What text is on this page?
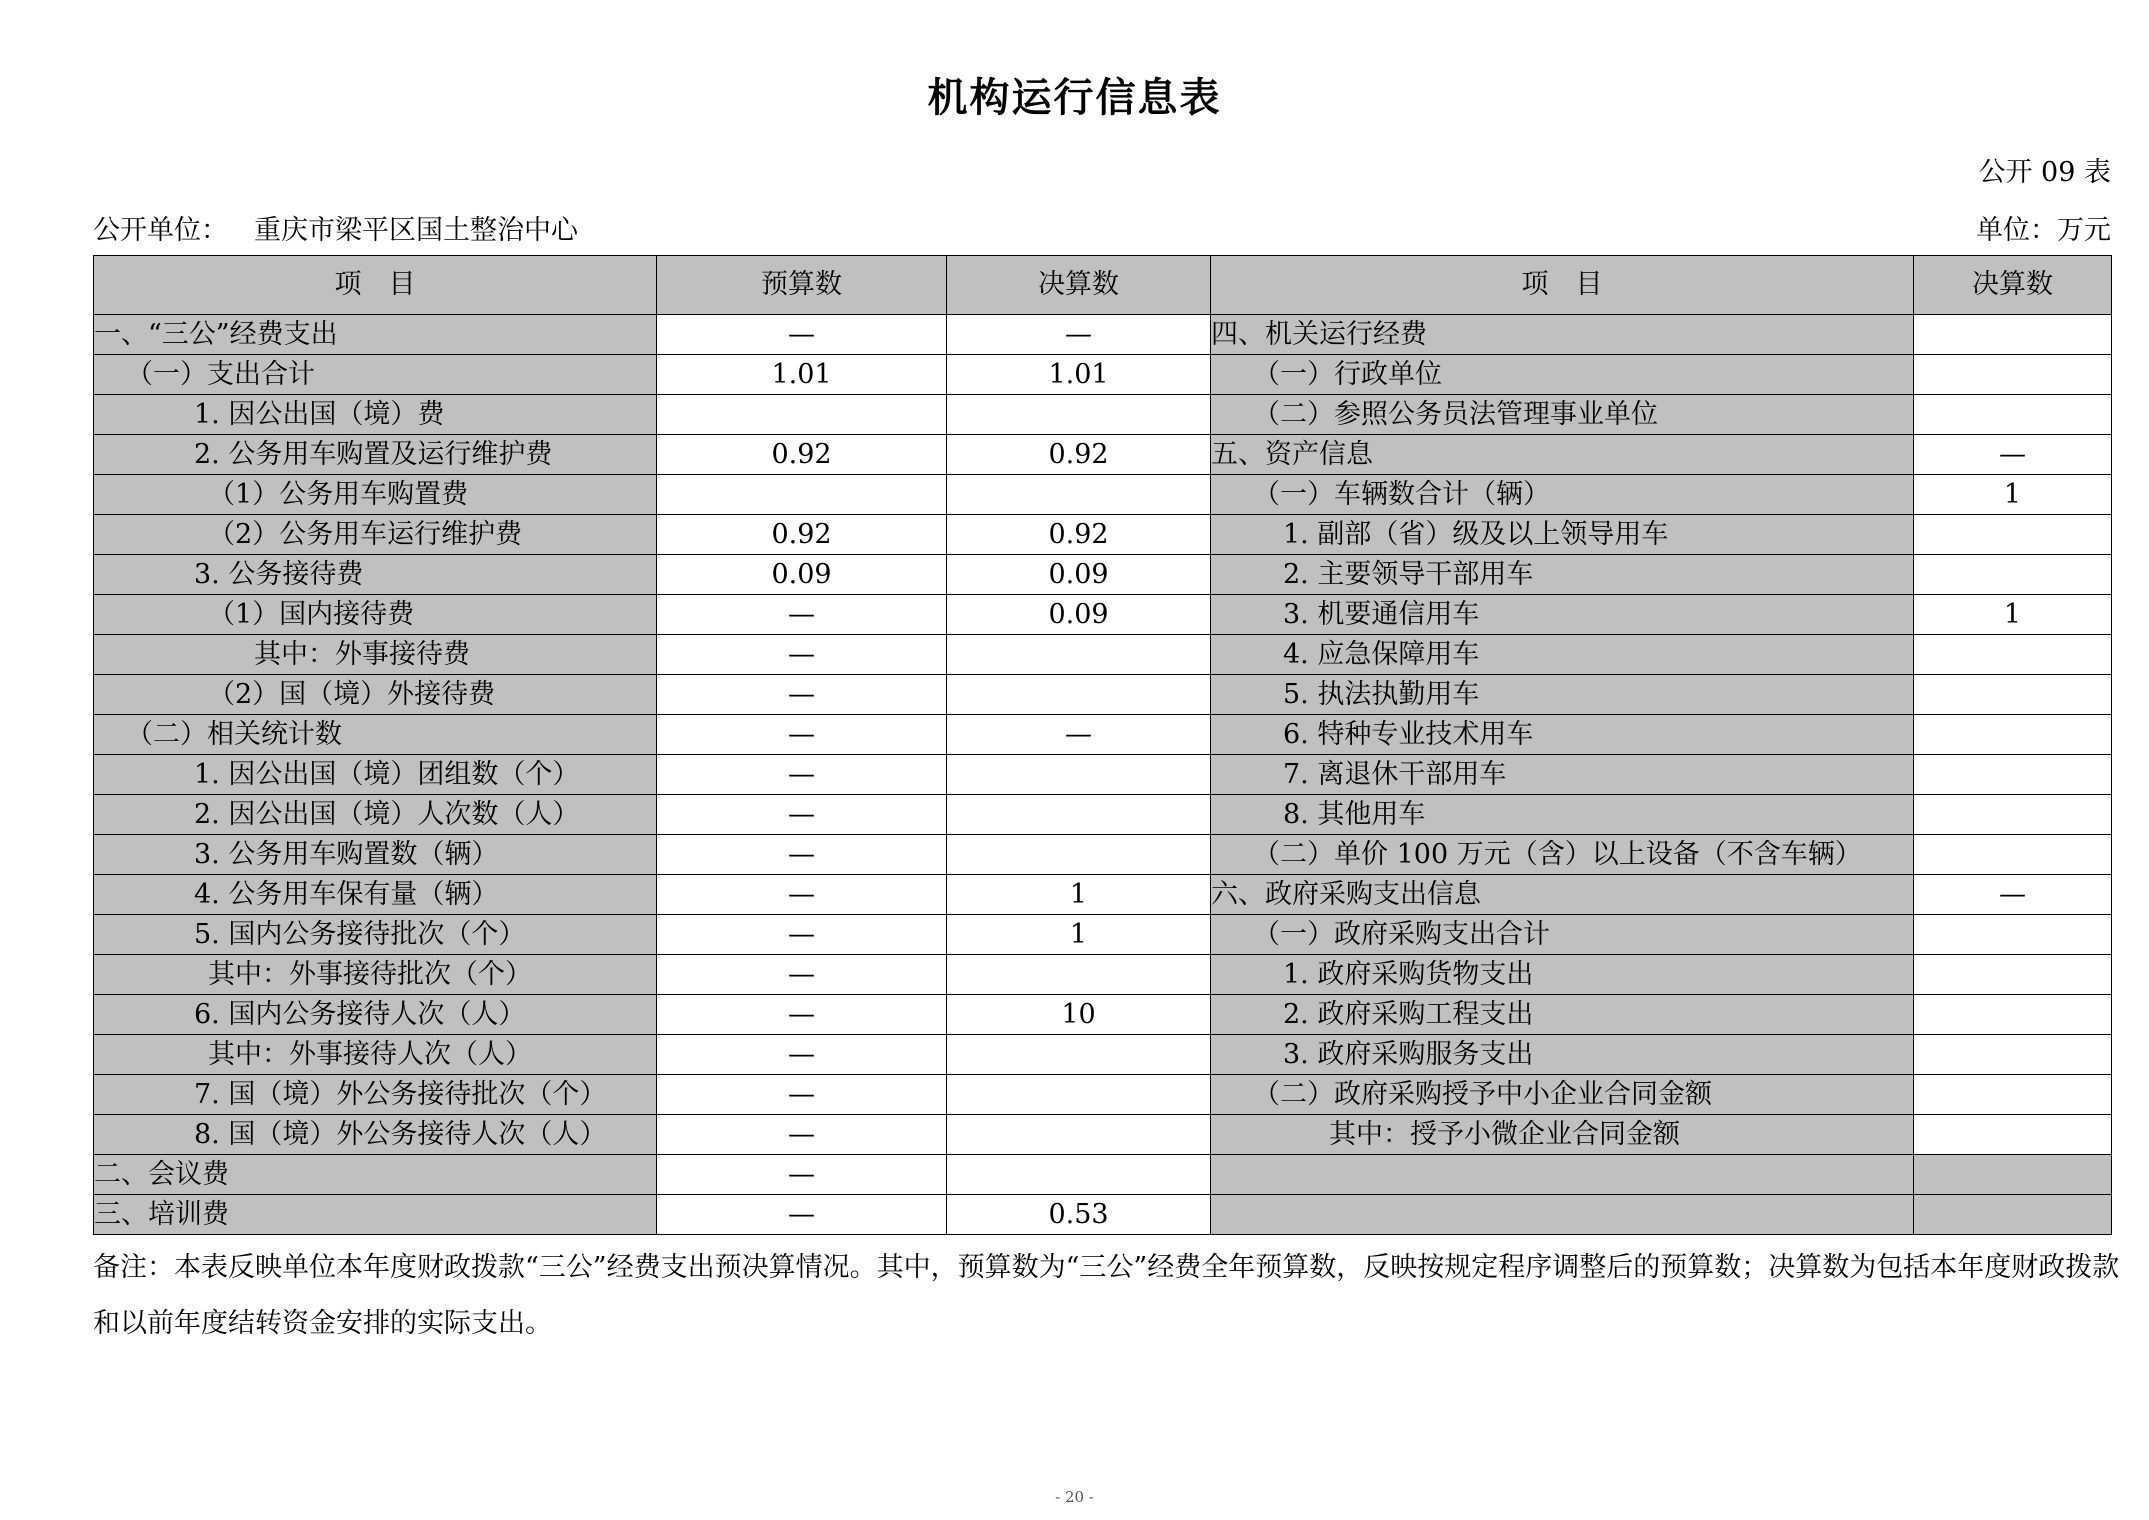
机构运行信息表
公开 09 表
公开单位： 重庆市梁平区国土整治中心	单位：万元
项　目	预算数	决算数	项　目	决算数
一、“三公”经费支出	—	—	四、机关运行经费	
（一）支出合计	1.01	1.01	（一）行政单位	
1. 因公出国（境）费			（二）参照公务员法管理事业单位	
2. 公务用车购置及运行维护费	0.92	0.92	五、资产信息	—
（1）公务用车购置费			（一）车辆数合计（辆）	1
（2）公务用车运行维护费	0.92	0.92	1. 副部（省）级及以上领导用车	
3. 公务接待费	0.09	0.09	2. 主要领导干部用车	
（1）国内接待费	—	0.09	3. 机要通信用车	1
其中：外事接待费	—		4. 应急保障用车	
（2）国（境）外接待费	—		5. 执法执勤用车	
（二）相关统计数	—	—	6. 特种专业技术用车	
1. 因公出国（境）团组数（个）	—		7. 离退休干部用车	
2. 因公出国（境）人次数（人）	—		8. 其他用车	
3. 公务用车购置数（辆）	—		（二）单价 100 万元（含）以上设备（不含车辆）	
4. 公务用车保有量（辆）	—	1	六、政府采购支出信息	—
5. 国内公务接待批次（个）	—	1	（一）政府采购支出合计	
其中：外事接待批次（个）	—		1. 政府采购货物支出	
6. 国内公务接待人次（人）	—	10	2. 政府采购工程支出	
其中：外事接待人次（人）	—		3. 政府采购服务支出	
7. 国（境）外公务接待批次（个）	—		（二）政府采购授予中小企业合同金额	
8. 国（境）外公务接待人次（人）	—		其中：授予小微企业合同金额	
二、会议费	—			
三、培训费	—	0.53		
备注：本表反映单位本年度财政拨款“三公”经费支出预决算情况。其中，预算数为“三公”经费全年预算数，反映按规定程序调整后的预算数；决算数为包括本年度财政拨款和以前年度结转资金安排的实际支出。
- 20 -
